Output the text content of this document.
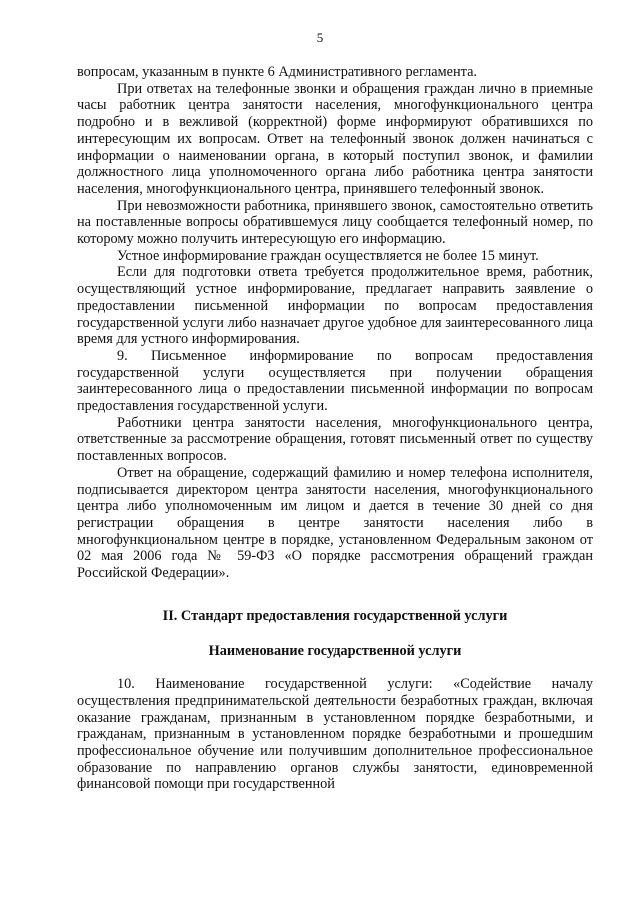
5

вопросам, указанным в пункте 6 Административного регламента.

При ответах на телефонные звонки и обращения граждан лично в приемные часы работник центра занятости населения, многофункционального центра подробно и в вежливой (корректной) форме информируют обратившихся по интересующим их вопросам. Ответ на телефонный звонок должен начинаться с информации о наименовании органа, в который поступил звонок, и фамилии должностного лица уполномоченного органа либо работника центра занятости населения, многофункционального центра, принявшего телефонный звонок.

При невозможности работника, принявшего звонок, самостоятельно ответить на поставленные вопросы обратившемуся лицу сообщается телефонный номер, по которому можно получить интересующую его информацию.

Устное информирование граждан осуществляется не более 15 минут.

Если для подготовки ответа требуется продолжительное время, работник, осуществляющий устное информирование, предлагает направить заявление о предоставлении письменной информации по вопросам предоставления государственной услуги либо назначает другое удобное для заинтересованного лица время для устного информирования.

9. Письменное информирование по вопросам предоставления государственной услуги осуществляется при получении обращения заинтересованного лица о предоставлении письменной информации по вопросам предоставления государственной услуги.

Работники центра занятости населения, многофункционального центра, ответственные за рассмотрение обращения, готовят письменный ответ по существу поставленных вопросов.

Ответ на обращение, содержащий фамилию и номер телефона исполнителя, подписывается директором центра занятости населения, многофункционального центра либо уполномоченным им лицом и дается в течение 30 дней со дня регистрации обращения в центре занятости населения либо в многофункциональном центре в порядке, установленном Федеральным законом от 02 мая 2006 года № 59-ФЗ «О порядке рассмотрения обращений граждан Российской Федерации».

II. Стандарт предоставления государственной услуги

Наименование государственной услуги

10. Наименование государственной услуги: «Содействие началу осуществления предпринимательской деятельности безработных граждан, включая оказание гражданам, признанным в установленном порядке безработными, и гражданам, признанным в установленном порядке безработными и прошедшим профессиональное обучение или получившим дополнительное профессиональное образование по направлению органов службы занятости, единовременной финансовой помощи при государственной
